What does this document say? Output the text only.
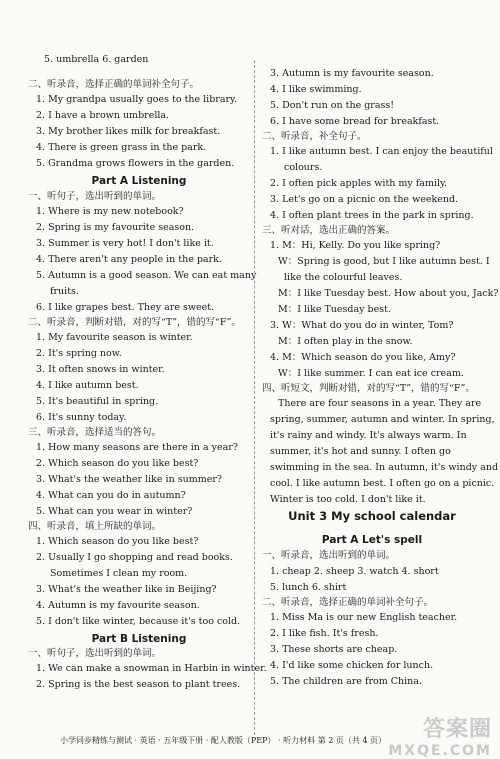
5. umbrella 6. garden
二、听录音，选择正确的单词补全句子。
1. My grandpa usually goes to the library.
2. I have a brown umbrella.
3. My brother likes milk for breakfast.
4. There is green grass in the park.
5. Grandma grows flowers in the garden.
Part A Listening
一、听句子，选出听到的单词。
1. Where is my new notebook?
2. Spring is my favourite season.
3. Summer is very hot! I don't like it.
4. There aren't any people in the park.
5. Autumn is a good season. We can eat many
fruits.
6. I like grapes best. They are sweet.
二、听录音，判断对错，对的写“T”，错的写“F”。
1. My favourite season is winter.
2. It's spring now.
3. It often snows in winter.
4. I like autumn best.
5. It's beautiful in spring.
6. It's sunny today.
三、听录音，选择适当的答句。
1. How many seasons are there in a year?
2. Which season do you like best?
3. What's the weather like in summer?
4. What can you do in autumn?
5. What can you wear in winter?
四、听录音，填上所缺的单词。
1. Which season do you like best?
2. Usually I go shopping and read books.
Sometimes I clean my room.
3. What's the weather like in Beijing?
4. Autumn is my favourite season.
5. I don't like winter, because it's too cold.
Part B Listening
一、听句子，选出听到的单词。
1. We can make a snowman in Harbin in winter.
2. Spring is the best season to plant trees.
3. Autumn is my favourite season.
4. I like swimming.
5. Don't run on the grass!
6. I have some bread for breakfast.
二、听录音，补全句子。
1. I like autumn best. I can enjoy the beautiful
colours.
2. I often pick apples with my family.
3. Let's go on a picnic on the weekend.
4. I often plant trees in the park in spring.
三、听对话，选出正确的答案。
1. M：Hi, Kelly. Do you like spring?
W：Spring is good, but I like autumn best. I
like the colourful leaves.
M：I like Tuesday best. How about you, Jack?
M：I like Tuesday best.
3. W：What do you do in winter, Tom?
M：I often play in the snow.
4. M：Which season do you like, Amy?
W：I like summer. I can eat ice cream.
四、听短文，判断对错，对的写“T”，错的写“F”。
There are four seasons in a year. They are
spring, summer, autumn and winter. In spring,
it's rainy and windy. It's always warm. In
summer, it's hot and sunny. I often go
swimming in the sea. In autumn, it's windy and
cool. I like autumn best. I often go on a picnic.
Winter is too cold. I don't like it.
Unit 3 My school calendar
Part A Let's spell
一、听录音，选出听到的单词。
1. cheap 2. sheep 3. watch 4. short
5. lunch 6. shirt
二、听录音，选择正确的单词补全句子。
1. Miss Ma is our new English teacher.
2. I like fish. It's fresh.
3. These shorts are cheap.
4. I'd like some chicken for lunch.
5. The children are from China.
小学同步精练与测试 · 英语 · 五年级下册 · 配人教版（PEP） · 听力材料 第 2 页（共 4 页）	答案圈
MXQE.COM
